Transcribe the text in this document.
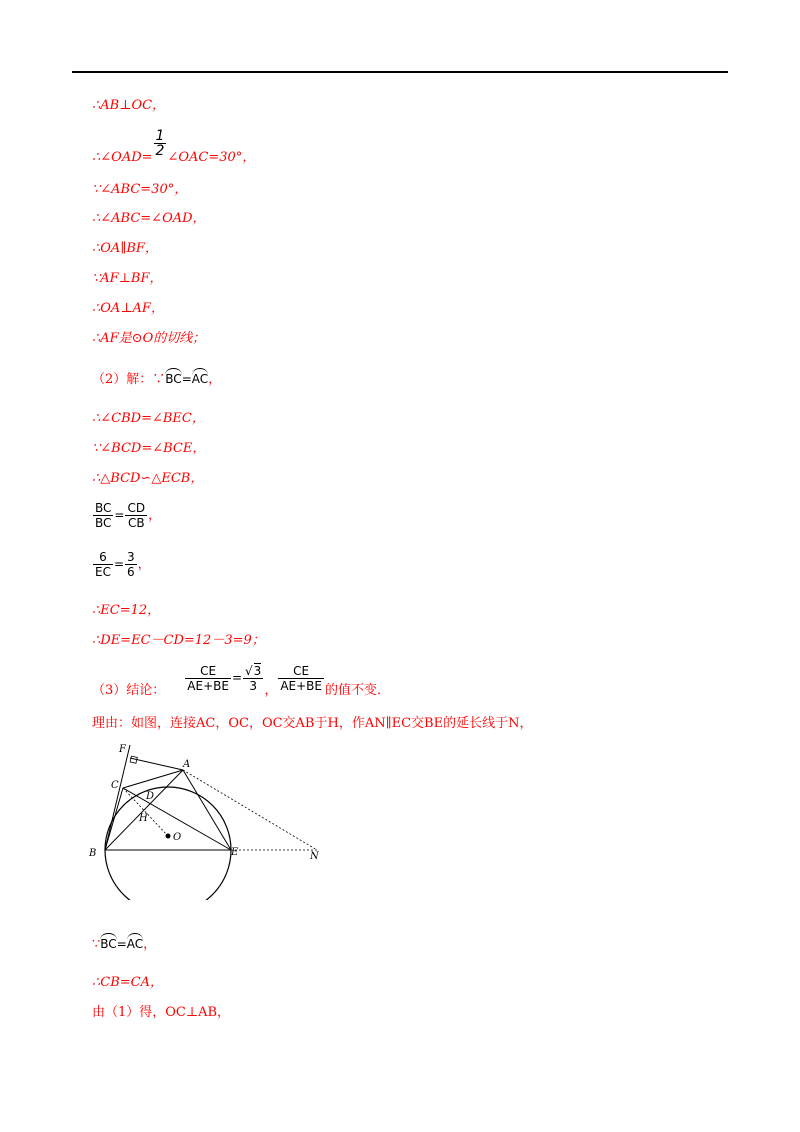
∴AB⊥OC，
∴∠OAD= $\frac{1}{2}$ ∠OAC=30°，
∵∠ABC=30°，
∴∠ABC=∠OAD，
∴OA∥BF，
∵AF⊥BF，
∴OA⊥AF，
∴AF是⊙O的切线；
（2）解：∵BC=AC，
∴∠CBD=∠BEC，
∵∠BCD=∠BCE，
∴△BCD∽△ECB，
$\frac{BC}{BC} = \frac{CD}{CB}$ ，
$\frac{6}{EC} = \frac{3}{6}$ ，
∴EC=12，
∴DE=EC－CD=12－3=9；
（3）结论： $\frac{CE}{AE+BE} = \frac{√3}{3}$ ， $\frac{CE}{AE+BE}$ 的值不变．
理由：如图，连接AC，OC，OC交AB于H，作AN∥EC交BE的延长线于N，
F
A
C
D
H
O
B	E	N
∵BC=AC，
∴CB=CA，
由（1）得，OC⊥AB，
